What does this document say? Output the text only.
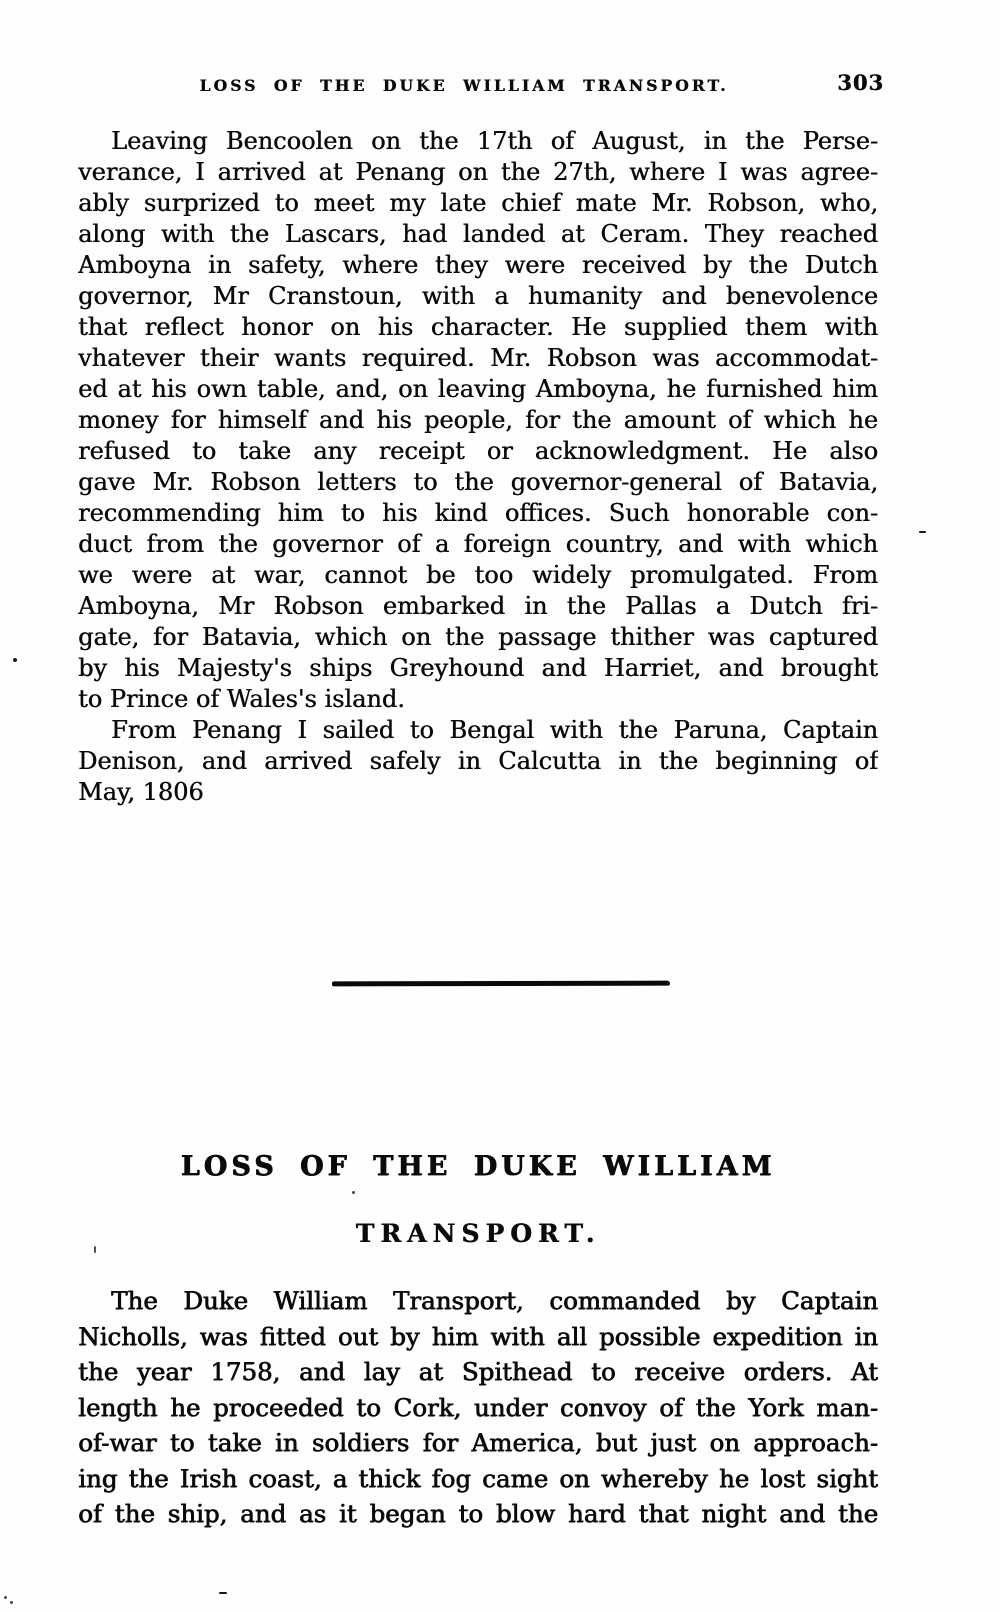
LOSS OF THE DUKE WILLIAM TRANSPORT.	303
Leaving Bencoolen on the 17th of August, in the Perse-
verance, I arrived at Penang on the 27th, where I was agree-
ably surprized to meet my late chief mate Mr. Robson, who,
along with the Lascars, had landed at Ceram. They reached
Amboyna in safety, where they were received by the Dutch
governor, Mr Cranstoun, with a humanity and benevolence
that reflect honor on his character. He supplied them with
vhatever their wants required. Mr. Robson was accommodat-
ed at his own table, and, on leaving Amboyna, he furnished him
money for himself and his people, for the amount of which he
refused to take any receipt or acknowledgment. He also
gave Mr. Robson letters to the governor-general of Batavia,
recommending him to his kind offices. Such honorable con-
duct from the governor of a foreign country, and with which
we were at war, cannot be too widely promulgated. From
Amboyna, Mr Robson embarked in the Pallas a Dutch fri-
gate, for Batavia, which on the passage thither was captured
by his Majesty's ships Greyhound and Harriet, and brought
to Prince of Wales's island.
From Penang I sailed to Bengal with the Paruna, Captain
Denison, and arrived safely in Calcutta in the beginning of
May, 1806
LOSS OF THE DUKE WILLIAM
TRANSPORT.
The Duke William Transport, commanded by Captain
Nicholls, was fitted out by him with all possible expedition in
the year 1758, and lay at Spithead to receive orders. At
length he proceeded to Cork, under convoy of the York man-
of-war to take in soldiers for America, but just on approach-
ing the Irish coast, a thick fog came on whereby he lost sight
of the ship, and as it began to blow hard that night and the
